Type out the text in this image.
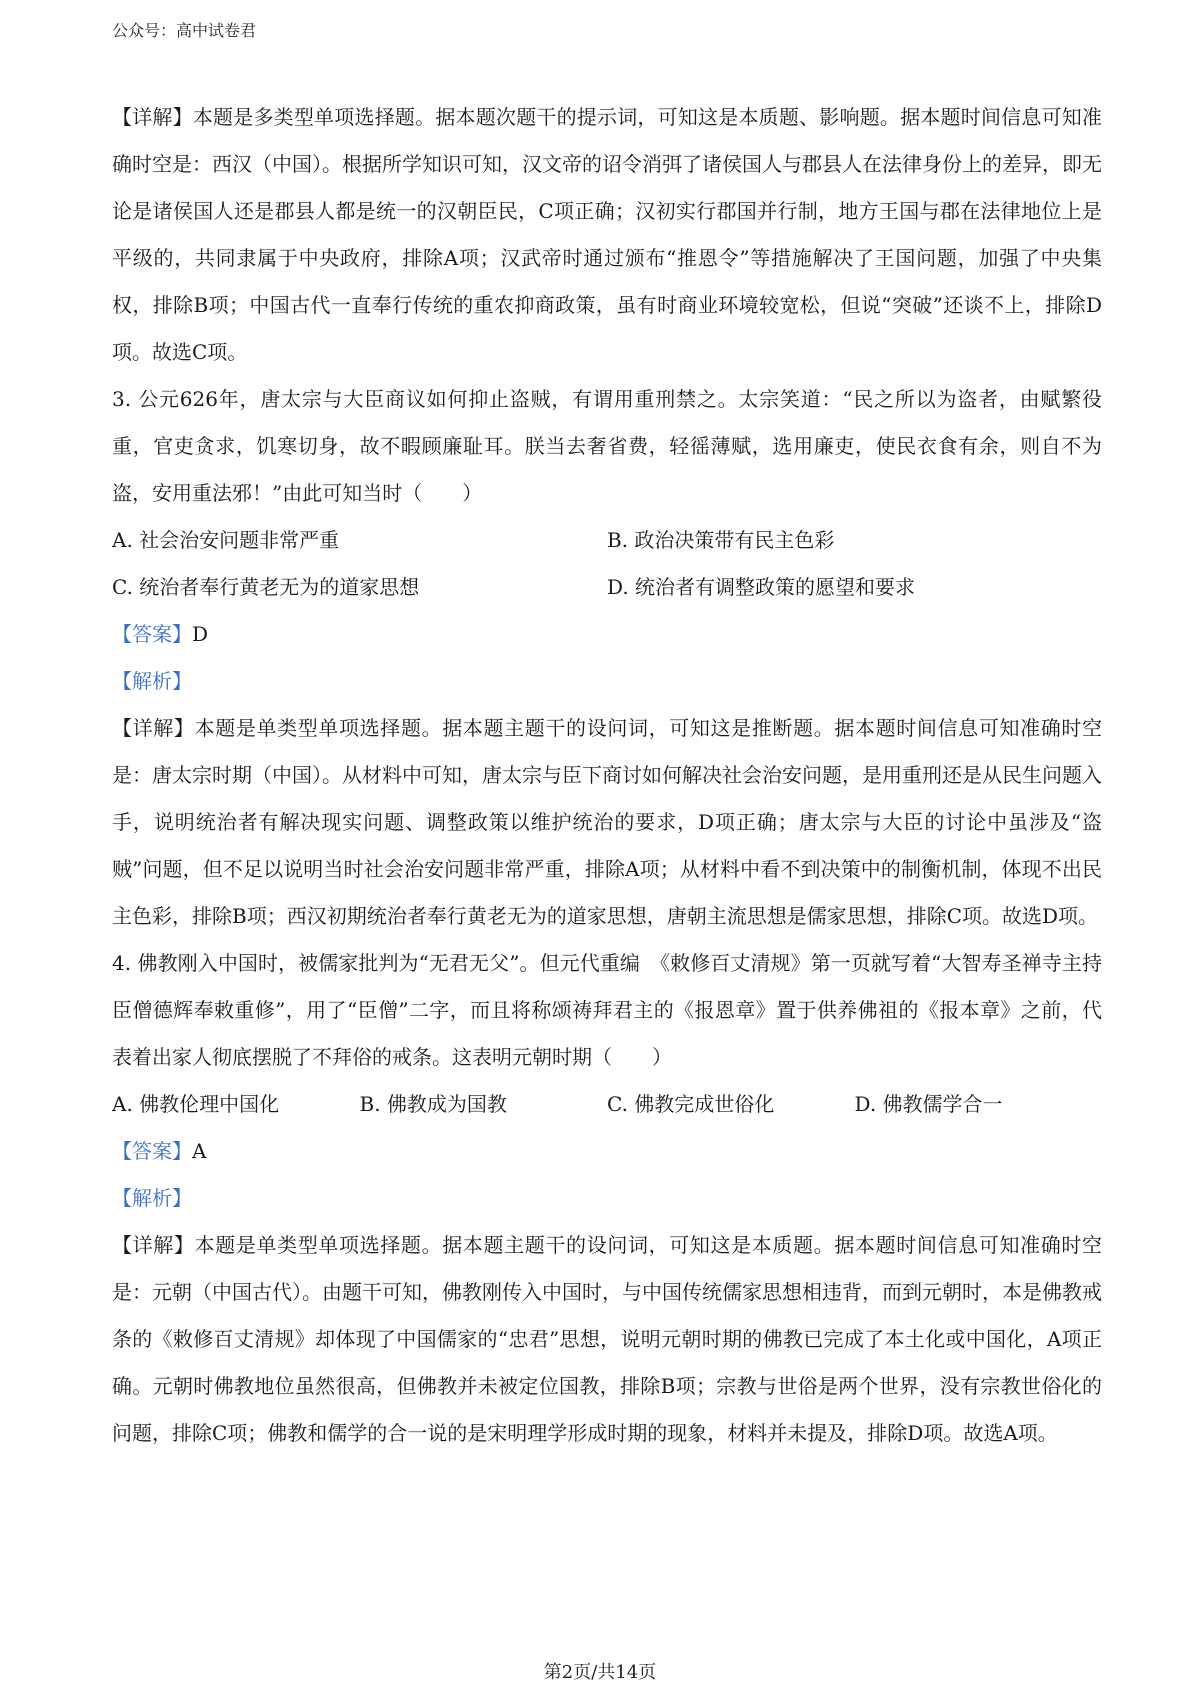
公众号：高中试卷君

【详解】本题是多类型单项选择题。据本题次题干的提示词，可知这是本质题、影响题。据本题时间信息可知准确时空是：西汉（中国）。根据所学知识可知，汉文帝的诏令消弭了诸侯国人与郡县人在法律身份上的差异，即无论是诸侯国人还是郡县人都是统一的汉朝臣民，C项正确；汉初实行郡国并行制，地方王国与郡在法律地位上是平级的，共同隶属于中央政府，排除A项；汉武帝时通过颁布“推恩令”等措施解决了王国问题，加强了中央集权，排除B项；中国古代一直奉行传统的重农抑商政策，虽有时商业环境较宽松，但说“突破”还谈不上，排除D项。故选C项。

3. 公元626年，唐太宗与大臣商议如何抑止盗贼，有谓用重刑禁之。太宗笑道：“民之所以为盗者，由赋繁役重，官吏贪求，饥寒切身，故不暇顾廉耻耳。朕当去奢省费，轻徭薄赋，选用廉吏，使民衣食有余，则自不为盗，安用重法邪！”由此可知当时（　　）

A. 社会治安问题非常严重	B. 政治决策带有民主色彩
C. 统治者奉行黄老无为的道家思想	D. 统治者有调整政策的愿望和要求

【答案】D

【解析】

【详解】本题是单类型单项选择题。据本题主题干的设问词，可知这是推断题。据本题时间信息可知准确时空是：唐太宗时期（中国）。从材料中可知，唐太宗与臣下商讨如何解决社会治安问题，是用重刑还是从民生问题入手，说明统治者有解决现实问题、调整政策以维护统治的要求，D项正确；唐太宗与大臣的讨论中虽涉及“盗贼”问题，但不足以说明当时社会治安问题非常严重，排除A项；从材料中看不到决策中的制衡机制，体现不出民主色彩，排除B项；西汉初期统治者奉行黄老无为的道家思想，唐朝主流思想是儒家思想，排除C项。故选D项。

4. 佛教刚入中国时，被儒家批判为“无君无父”。但元代重编　《敕修百丈清规》第一页就写着“大智寿圣禅寺主持臣僧德辉奉敕重修”，用了“臣僧”二字，而且将称颂祷拜君主的《报恩章》置于供养佛祖的《报本章》之前，代表着出家人彻底摆脱了不拜俗的戒条。这表明元朝时期（　　）

A. 佛教伦理中国化	B. 佛教成为国教	C. 佛教完成世俗化	D. 佛教儒学合一

【答案】A

【解析】

【详解】本题是单类型单项选择题。据本题主题干的设问词，可知这是本质题。据本题时间信息可知准确时空是：元朝（中国古代）。由题干可知，佛教刚传入中国时，与中国传统儒家思想相违背，而到元朝时，本是佛教戒条的《敕修百丈清规》却体现了中国儒家的“忠君”思想，说明元朝时期的佛教已完成了本土化或中国化，A项正确。元朝时佛教地位虽然很高，但佛教并未被定位国教，排除B项；宗教与世俗是两个世界，没有宗教世俗化的问题，排除C项；佛教和儒学的合一说的是宋明理学形成时期的现象，材料并未提及，排除D项。故选A项。

第2页/共14页
